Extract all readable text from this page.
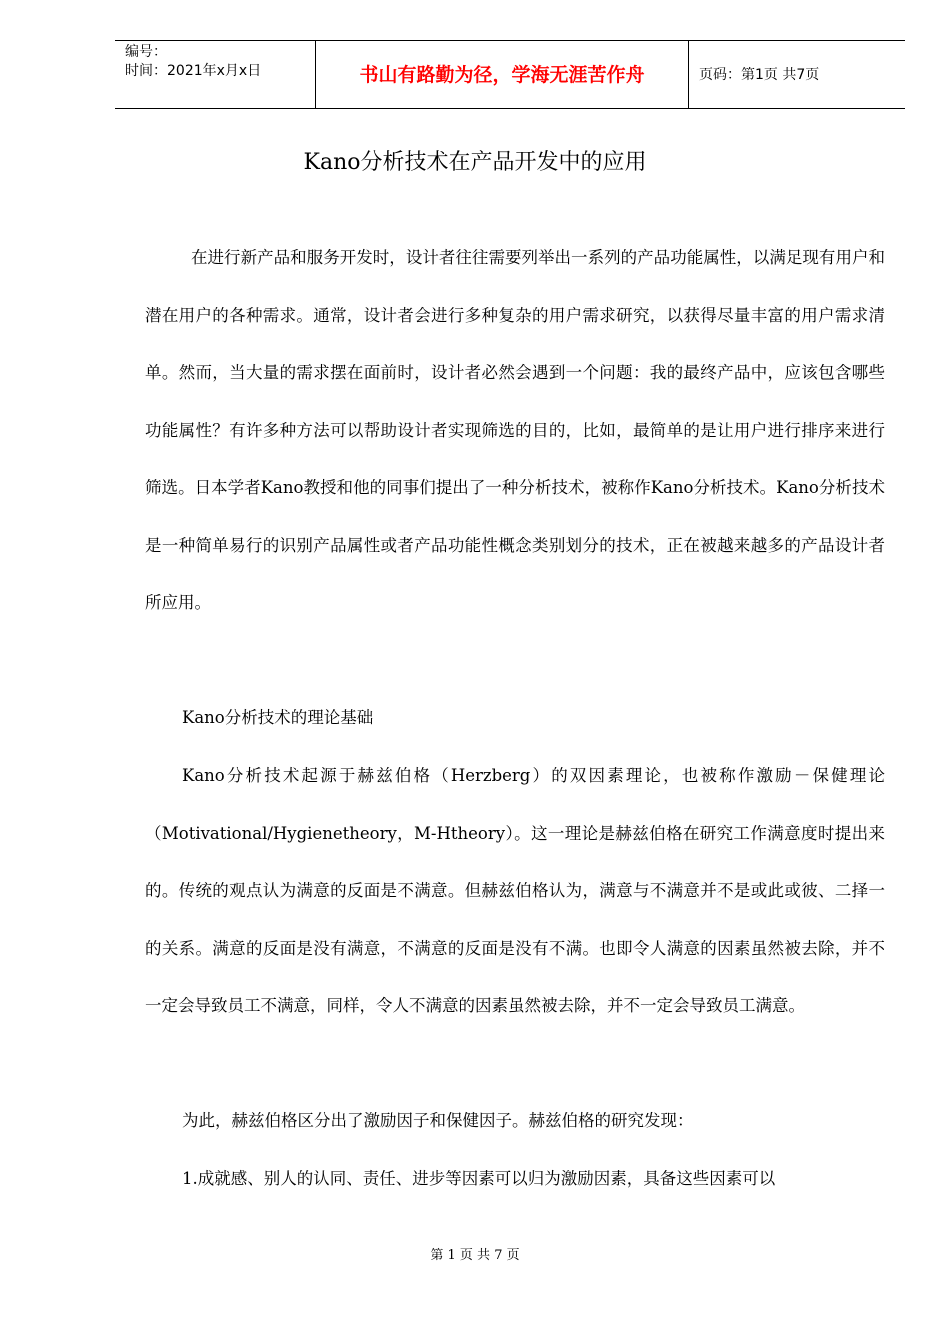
编号：
时间：2021年x月x日	书山有路勤为径，学海无涯苦作舟	页码：第1页 共7页
Kano分析技术在产品开发中的应用

在进行新产品和服务开发时，设计者往往需要列举出一系列的产品功能属性，以满足现有用户和潜在用户的各种需求。通常，设计者会进行多种复杂的用户需求研究，以获得尽量丰富的用户需求清单。然而，当大量的需求摆在面前时，设计者必然会遇到一个问题：我的最终产品中，应该包含哪些功能属性？有许多种方法可以帮助设计者实现筛选的目的，比如，最简单的是让用户进行排序来进行筛选。日本学者Kano教授和他的同事们提出了一种分析技术，被称作Kano分析技术。Kano分析技术是一种简单易行的识别产品属性或者产品功能性概念类别划分的技术，正在被越来越多的产品设计者所应用。

Kano分析技术的理论基础

Kano分析技术起源于赫兹伯格（Herzberg）的双因素理论，也被称作激励－保健理论（Motivational/Hygienetheory，M-Htheory）。这一理论是赫兹伯格在研究工作满意度时提出来的。传统的观点认为满意的反面是不满意。但赫兹伯格认为，满意与不满意并不是或此或彼、二择一的关系。满意的反面是没有满意，不满意的反面是没有不满。也即令人满意的因素虽然被去除，并不一定会导致员工不满意，同样，令人不满意的因素虽然被去除，并不一定会导致员工满意。

为此，赫兹伯格区分出了激励因子和保健因子。赫兹伯格的研究发现：

1.成就感、别人的认同、责任、进步等因素可以归为激励因素，具备这些因素可以

第 1 页 共 7 页
